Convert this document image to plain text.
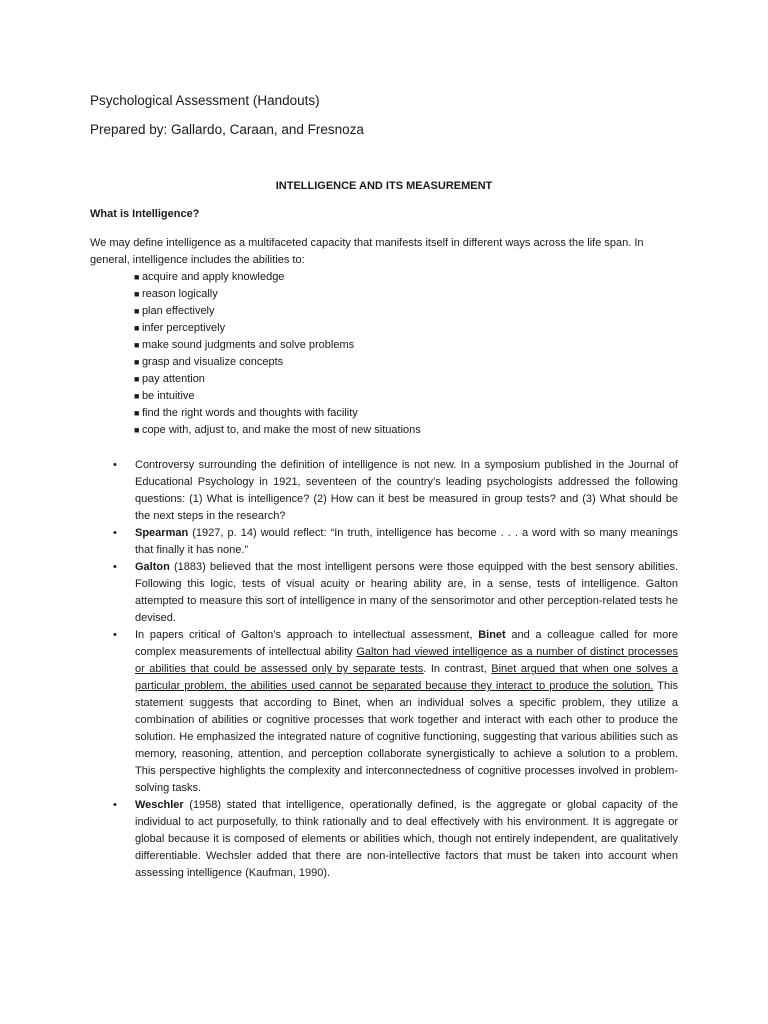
Psychological Assessment (Handouts)
Prepared by: Gallardo, Caraan, and Fresnoza
INTELLIGENCE AND ITS MEASUREMENT
What is Intelligence?
We may define intelligence as a multifaceted capacity that manifests itself in different ways across the life span. In general, intelligence includes the abilities to:
■ acquire and apply knowledge
■ reason logically
■ plan effectively
■ infer perceptively
■ make sound judgments and solve problems
■ grasp and visualize concepts
■ pay attention
■ be intuitive
■ find the right words and thoughts with facility
■ cope with, adjust to, and make the most of new situations
• Controversy surrounding the definition of intelligence is not new. In a symposium published in the Journal of Educational Psychology in 1921, seventeen of the country’s leading psychologists addressed the following questions: (1) What is intelligence? (2) How can it best be measured in group tests? and (3) What should be the next steps in the research?
• Spearman (1927, p. 14) would reflect: “In truth, intelligence has become . . . a word with so many meanings that finally it has none.”
• Galton (1883) believed that the most intelligent persons were those equipped with the best sensory abilities. Following this logic, tests of visual acuity or hearing ability are, in a sense, tests of intelligence. Galton attempted to measure this sort of intelligence in many of the sensorimotor and other perception-related tests he devised.
• In papers critical of Galton’s approach to intellectual assessment, Binet and a colleague called for more complex measurements of intellectual ability Galton had viewed intelligence as a number of distinct processes or abilities that could be assessed only by separate tests. In contrast, Binet argued that when one solves a particular problem, the abilities used cannot be separated because they interact to produce the solution. This statement suggests that according to Binet, when an individual solves a specific problem, they utilize a combination of abilities or cognitive processes that work together and interact with each other to produce the solution. He emphasized the integrated nature of cognitive functioning, suggesting that various abilities such as memory, reasoning, attention, and perception collaborate synergistically to achieve a solution to a problem. This perspective highlights the complexity and interconnectedness of cognitive processes involved in problem-solving tasks.
• Weschler (1958) stated that intelligence, operationally defined, is the aggregate or global capacity of the individual to act purposefully, to think rationally and to deal effectively with his environment. It is aggregate or global because it is composed of elements or abilities which, though not entirely independent, are qualitatively differentiable. Wechsler added that there are non-intellective factors that must be taken into account when assessing intelligence (Kaufman, 1990).
